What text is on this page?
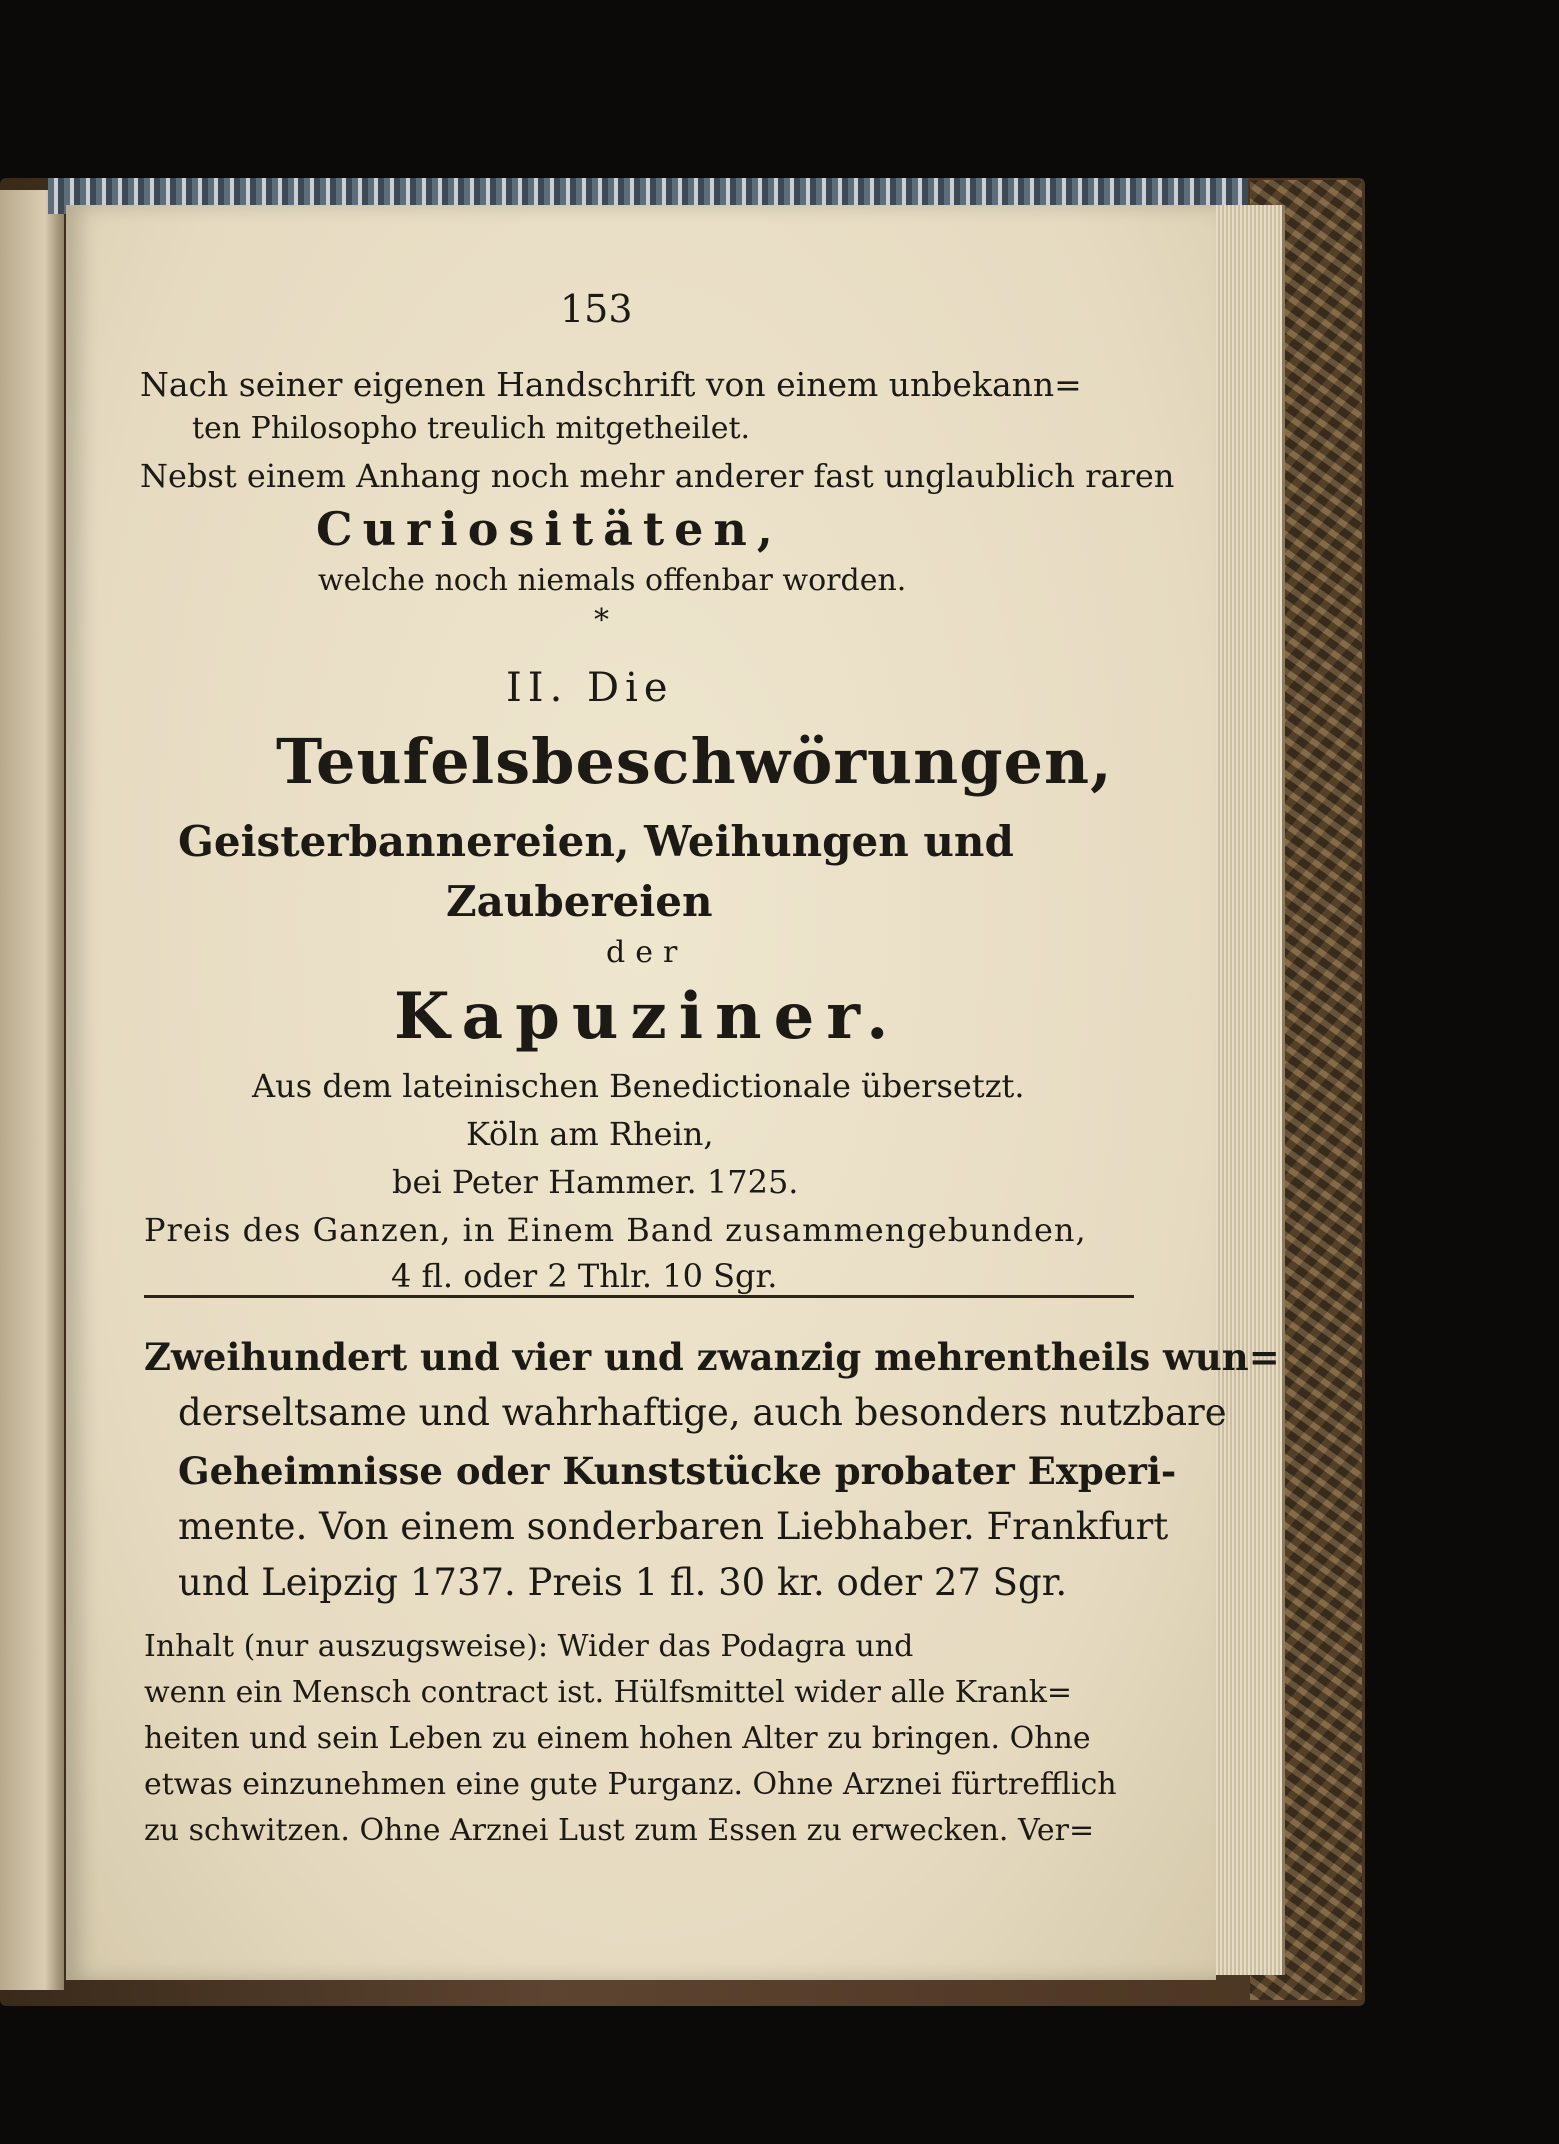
153
Nach seiner eigenen Handschrift von einem unbekann=
ten Philosopho treulich mitgetheilet.
Nebst einem Anhang noch mehr anderer fast unglaublich raren
Curiositäten,
welche noch niemals offenbar worden.
*
II. Die
Teufelsbeschwörungen,
Geisterbannereien, Weihungen und
Zaubereien
der
Kapuziner.
Aus dem lateinischen Benedictionale übersetzt.
Köln am Rhein,
bei Peter Hammer. 1725.
Preis des Ganzen, in Einem Band zusammengebunden,
4 fl. oder 2 Thlr. 10 Sgr.
Zweihundert und vier und zwanzig mehrentheils wun=
derseltsame und wahrhaftige, auch besonders nutzbare
Geheimnisse oder Kunststücke probater Experi-
mente. Von einem sonderbaren Liebhaber. Frankfurt
und Leipzig 1737. Preis 1 fl. 30 kr. oder 27 Sgr.
Inhalt (nur auszugsweise): Wider das Podagra und
wenn ein Mensch contract ist. Hülfsmittel wider alle Krank=
heiten und sein Leben zu einem hohen Alter zu bringen. Ohne
etwas einzunehmen eine gute Purganz. Ohne Arznei fürtrefflich
zu schwitzen. Ohne Arznei Lust zum Essen zu erwecken. Ver=
